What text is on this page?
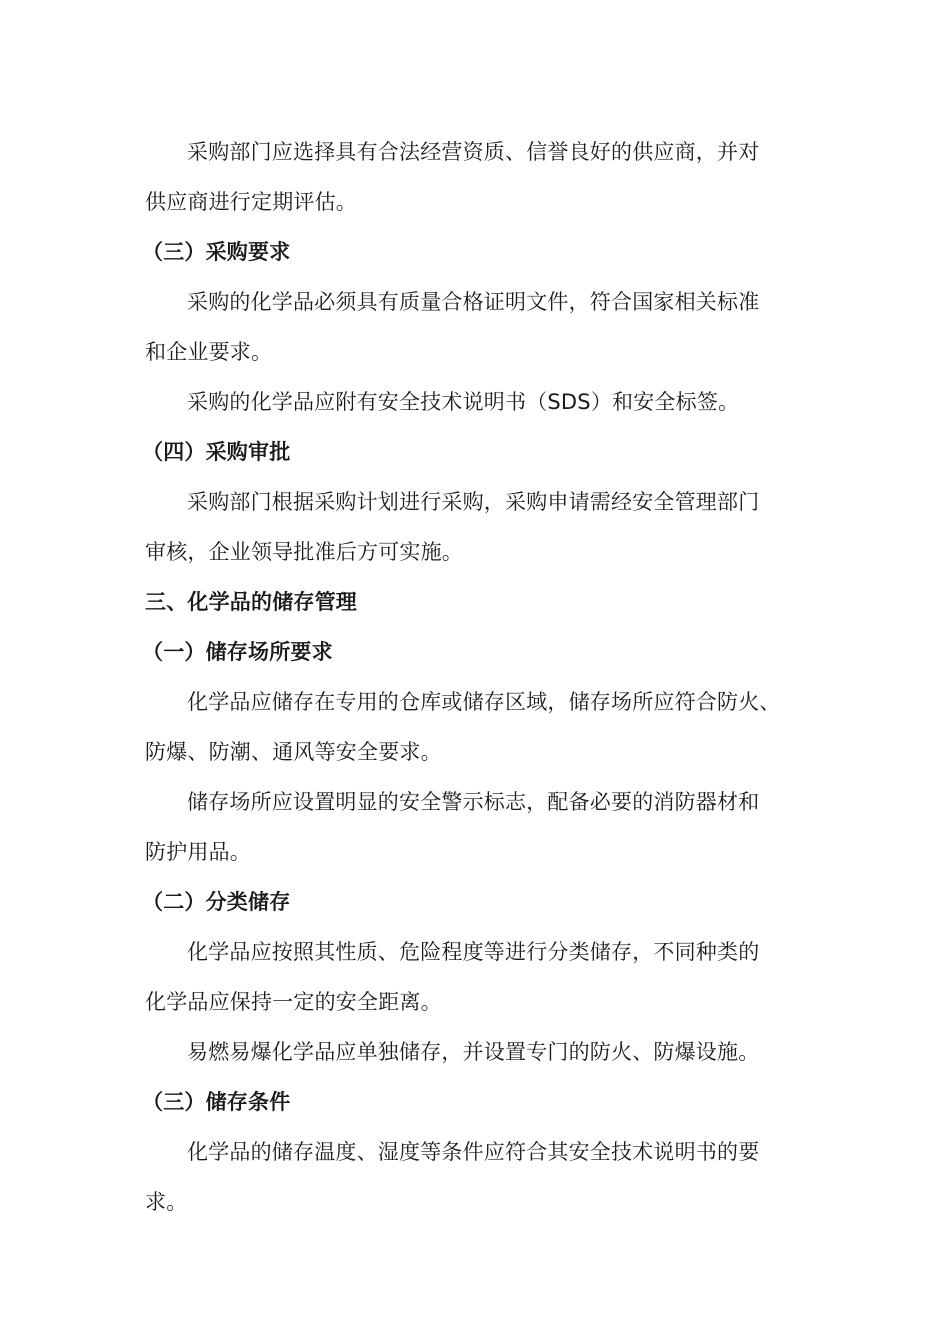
采购部门应选择具有合法经营资质、信誉良好的供应商，并对
供应商进行定期评估。
（三）采购要求
采购的化学品必须具有质量合格证明文件，符合国家相关标准
和企业要求。
采购的化学品应附有安全技术说明书（SDS）和安全标签。
（四）采购审批
采购部门根据采购计划进行采购，采购申请需经安全管理部门
审核，企业领导批准后方可实施。
三、化学品的储存管理
（一）储存场所要求
化学品应储存在专用的仓库或储存区域，储存场所应符合防火、
防爆、防潮、通风等安全要求。
储存场所应设置明显的安全警示标志，配备必要的消防器材和
防护用品。
（二）分类储存
化学品应按照其性质、危险程度等进行分类储存，不同种类的
化学品应保持一定的安全距离。
易燃易爆化学品应单独储存，并设置专门的防火、防爆设施。
（三）储存条件
化学品的储存温度、湿度等条件应符合其安全技术说明书的要
求。
